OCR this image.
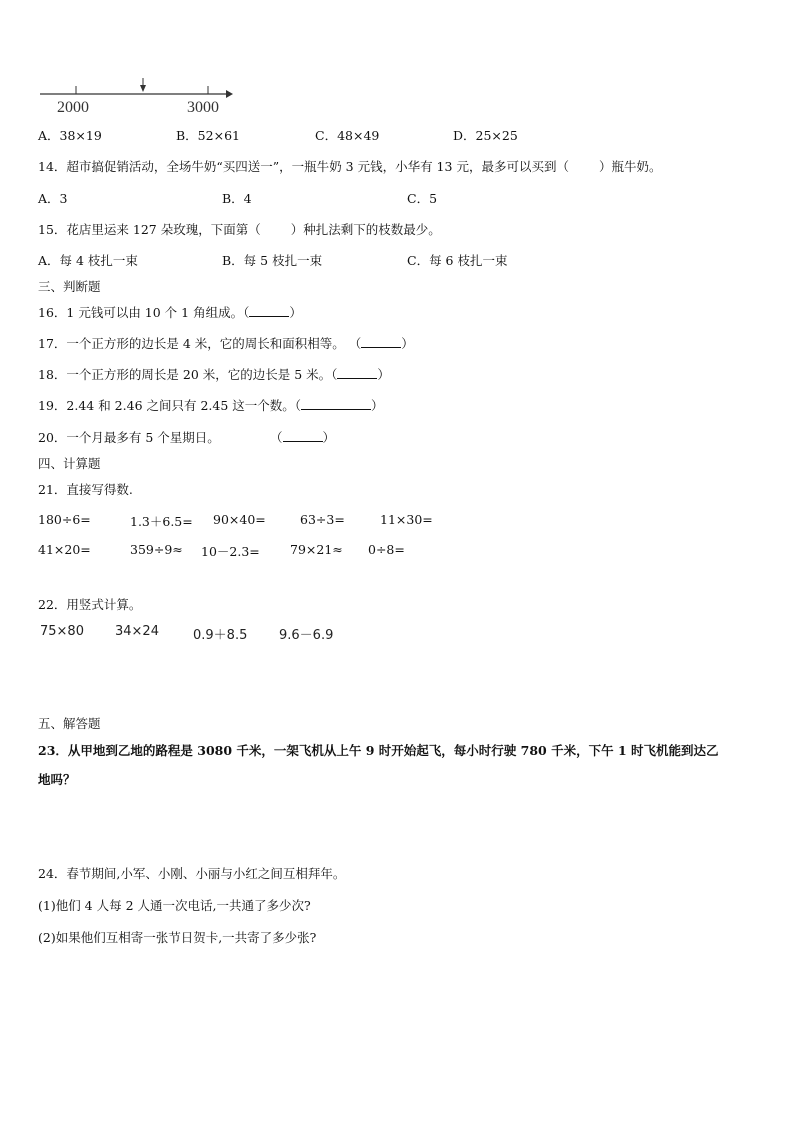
2000	3000
A．38×19	B．52×61	C．48×49	D．25×25
14．超市搞促销活动，全场牛奶“买四送一”，一瓶牛奶 3 元钱，小华有 13 元，最多可以买到（ ）瓶牛奶。
A．3	B．4	C．5
15．花店里运来 127 朵玫瑰，下面第（ ）种扎法剩下的枝数最少。
A．每 4 枝扎一束	B．每 5 枝扎一束	C．每 6 枝扎一束
三、判断题
16．1 元钱可以由 10 个 1 角组成。（	）
17．一个正方形的边长是 4 米，它的周长和面积相等。 （	）
18．一个正方形的周长是 20 米，它的边长是 5 米。（	）
19．2.44 和 2.46 之间只有 2.45 这一个数。（	）
20．一个月最多有 5 个星期日。	（	）
四、计算题
21．直接写得数.
180÷6=	1.3＋6.5= 90×40=	63÷3=	11×30=
41×20=	359÷9≈ 10－2.3= 79×21≈ 0÷8=
22．用竖式计算。
75×80 34×24	0.9＋8.5 9.6－6.9
五、解答题
23．从甲地到乙地的路程是 3080 千米，一架飞机从上午 9 时开始起飞，每小时行驶 780 千米，下午 1 时飞机能到达乙
地吗？
24．春节期间,小军、小刚、小丽与小红之间互相拜年。
(1)他们 4 人每 2 人通一次电话,一共通了多少次?
(2)如果他们互相寄一张节日贺卡,一共寄了多少张?
